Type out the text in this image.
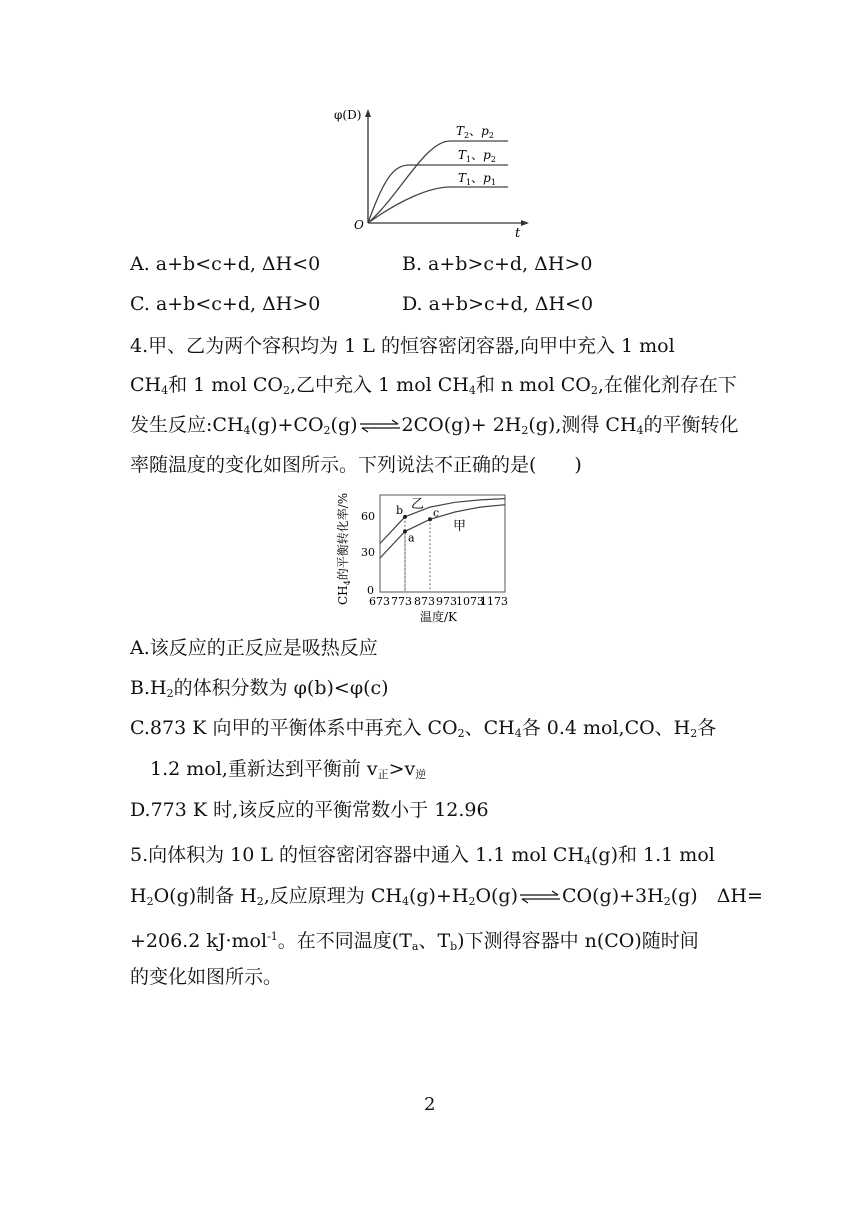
φ(D)
O
t
$T_2$、$p_2$
$T_1$、$p_2$
$T_1$、$p_1$
A. a+b<c+d, ΔH<0	B. a+b>c+d, ΔH>0
C. a+b<c+d, ΔH>0	D. a+b>c+d, ΔH<0
4.甲、乙为两个容积均为 1 L 的恒容密闭容器,向甲中充入 1 mol
$CH_4$和 1 mol $CO_2$,乙中充入 1 mol $CH_4$和 n mol $CO_2$,在催化剂存在下
发生反应$:CH_4(g)+CO_2(g)\rightleftharpoons 2CO(g)+ 2H_2(g)$,测得 $CH_4$的平衡转化
率随温度的变化如图所示。下列说法不正确的是(　　)
b
a
c
60
30
0
673 773 873 973 1073
1173
温度/K
$CH_4$的平衡转化率/%	乙
甲
A.该反应的正反应是吸热反应
$B.H_2$的体积分数为 φ(b)<φ(c)
C.873 K 向甲的平衡体系中再充入 $CO_2$、$CH_4$各 0.4 mol,CO、$H_2$各
1.2 mol,重新达到平衡前 $v_正>v_逆$
D.773 K 时,该反应的平衡常数小于 12.96
5.向体积为 10 L 的恒容密闭容器中通入 1.1 mol $CH_4(g)$和 1.1 mol
$H_2O(g)$制备 $H_2$,反应原理为 $CH_4(g)+H_2O(g)\rightleftharpoons CO(g)+3H_2(g)$　ΔH=
+206.2 kJ·mol$^{-1}$。在不同温度($T_a$、$T_b$)下测得容器中 n(CO)随时间
的变化如图所示。
2
